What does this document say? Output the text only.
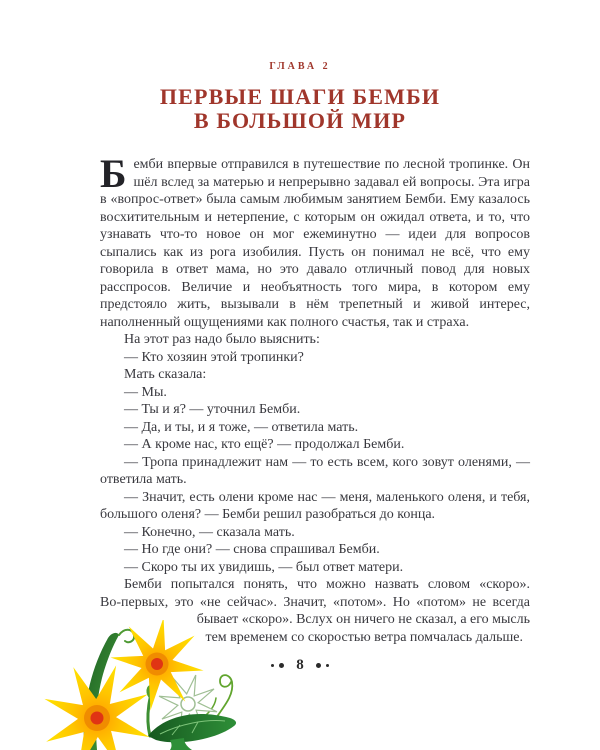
ГЛАВА 2
ПЕРВЫЕ ШАГИ БЕМБИ
В БОЛЬШОЙ МИР

Бемби впервые отправился в путешествие по лесной тропинке. Он шёл вслед за матерью и непрерывно задавал ей вопросы. Эта игра в «вопрос-ответ» была самым любимым занятием Бемби. Ему казалось восхитительным и нетерпение, с которым он ожидал ответа, и то, что узнавать что-то новое он мог ежеминутно — идеи для вопросов сыпались как из рога изобилия. Пусть он понимал не всё, что ему говорила в ответ мама, но это давало отличный повод для новых расспросов. Величие и необъятность того мира, в котором ему предстояло жить, вызывали в нём трепетный и живой интерес, наполненный ощущениями как полного счастья, так и страха.

На этот раз надо было выяснить:

— Кто хозяин этой тропинки?

Мать сказала:

— Мы.

— Ты и я? — уточнил Бемби.

— Да, и ты, и я тоже, — ответила мать.

— А кроме нас, кто ещё? — продолжал Бемби.

— Тропа принадлежит нам — то есть всем, кого зовут оленями, — ответила мать.

— Значит, есть олени кроме нас — меня, маленького оленя, и тебя, большого оленя? — Бемби решил разобраться до конца.

— Конечно, — сказала мать.

— Но где они? — снова спрашивал Бемби.

— Скоро ты их увидишь, — был ответ матери.

Бемби попытался понять, что можно назвать словом «скоро».
Во-первых, это «не сейчас». Значит, «потом». Но «потом» не всегда
бывает «скоро». Вслух он ничего не сказал, а его мысль
тем временем со скоростью ветра помчалась дальше.
8
